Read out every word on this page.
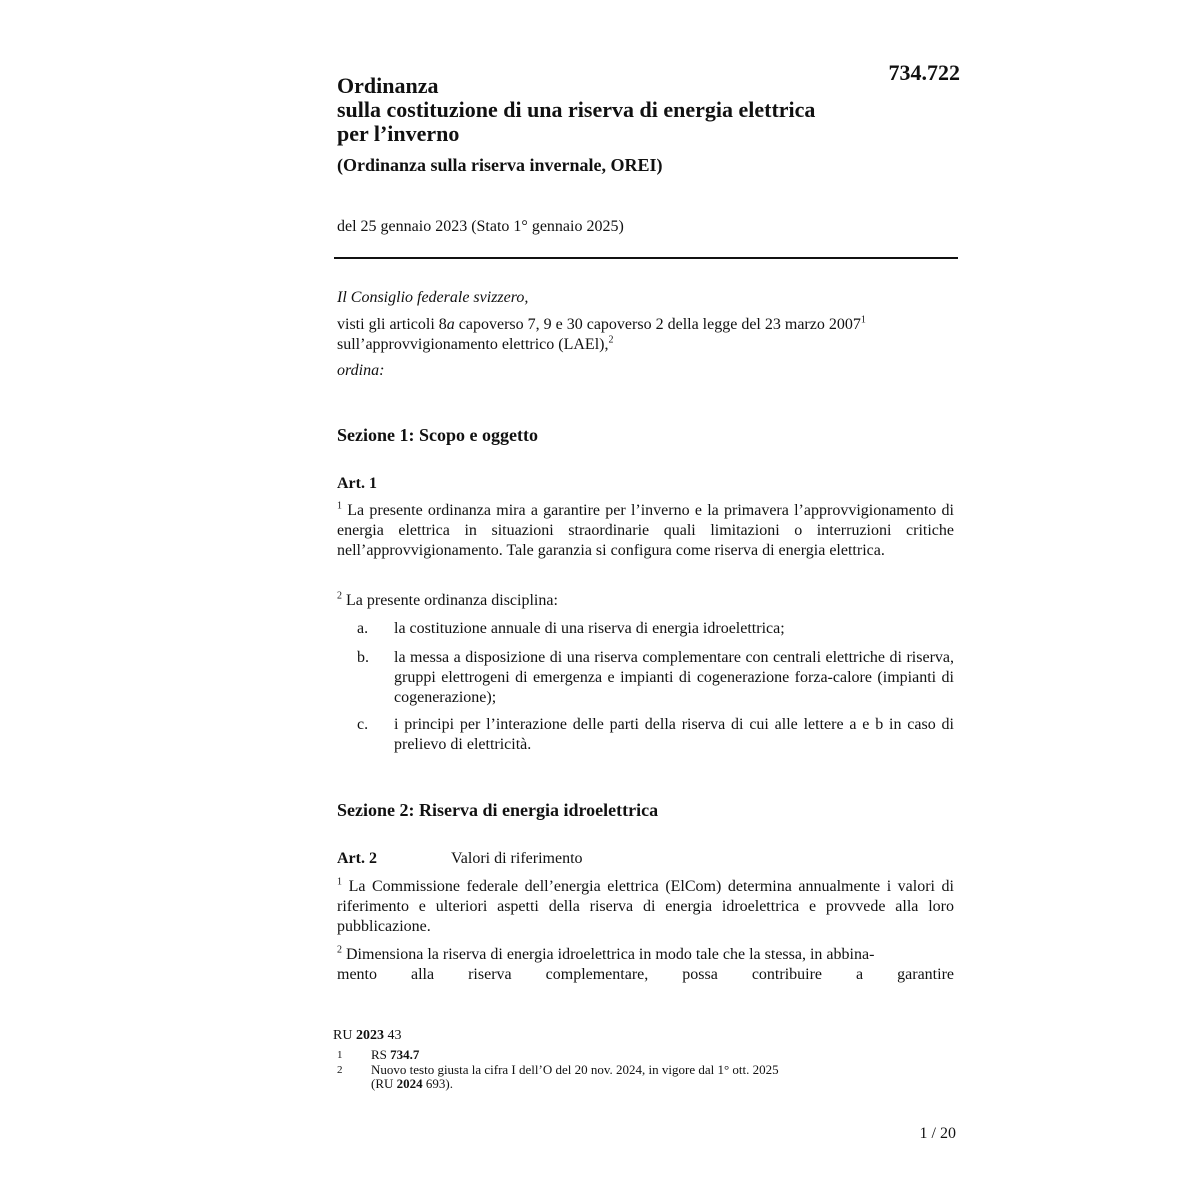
734.722
Ordinanza
sulla costituzione di una riserva di energia elettrica
per l’inverno
(Ordinanza sulla riserva invernale, OREI)
del 25 gennaio 2023 (Stato 1° gennaio 2025)
Il Consiglio federale svizzero,
visti gli articoli 8a capoverso 7, 9 e 30 capoverso 2 della legge del 23 marzo 2007$^1$
sull’approvvigionamento elettrico (LAEl),$^2$
ordina:
Sezione 1: Scopo e oggetto
Art. 1
$^1$ La presente ordinanza mira a garantire per l’inverno e la primavera l’approvvigionamento di energia elettrica in situazioni straordinarie quali limitazioni o interruzioni critiche nell’approvvigionamento. Tale garanzia si configura come riserva di energia elettrica.
$^2$ La presente ordinanza disciplina:
a. la costituzione annuale di una riserva di energia idroelettrica;
b. la messa a disposizione di una riserva complementare con centrali elettriche di riserva, gruppi elettrogeni di emergenza e impianti di cogenerazione forza-calore (impianti di cogenerazione);
c. i principi per l’interazione delle parti della riserva di cui alle lettere a e b in caso di prelievo di elettricità.
Sezione 2: Riserva di energia idroelettrica
Art. 2	Valori di riferimento
$^1$ La Commissione federale dell’energia elettrica (ElCom) determina annualmente i valori di riferimento e ulteriori aspetti della riserva di energia idroelettrica e provvede alla loro pubblicazione.
$^2$ Dimensiona la riserva di energia idroelettrica in modo tale che la stessa, in abbina-
mento alla riserva complementare, possa contribuire a garantire
RU 2023 43
1 RS 734.7
2 Nuovo testo giusta la cifra I dell’O del 20 nov. 2024, in vigore dal 1° ott. 2025
(RU 2024 693).
1 / 20
